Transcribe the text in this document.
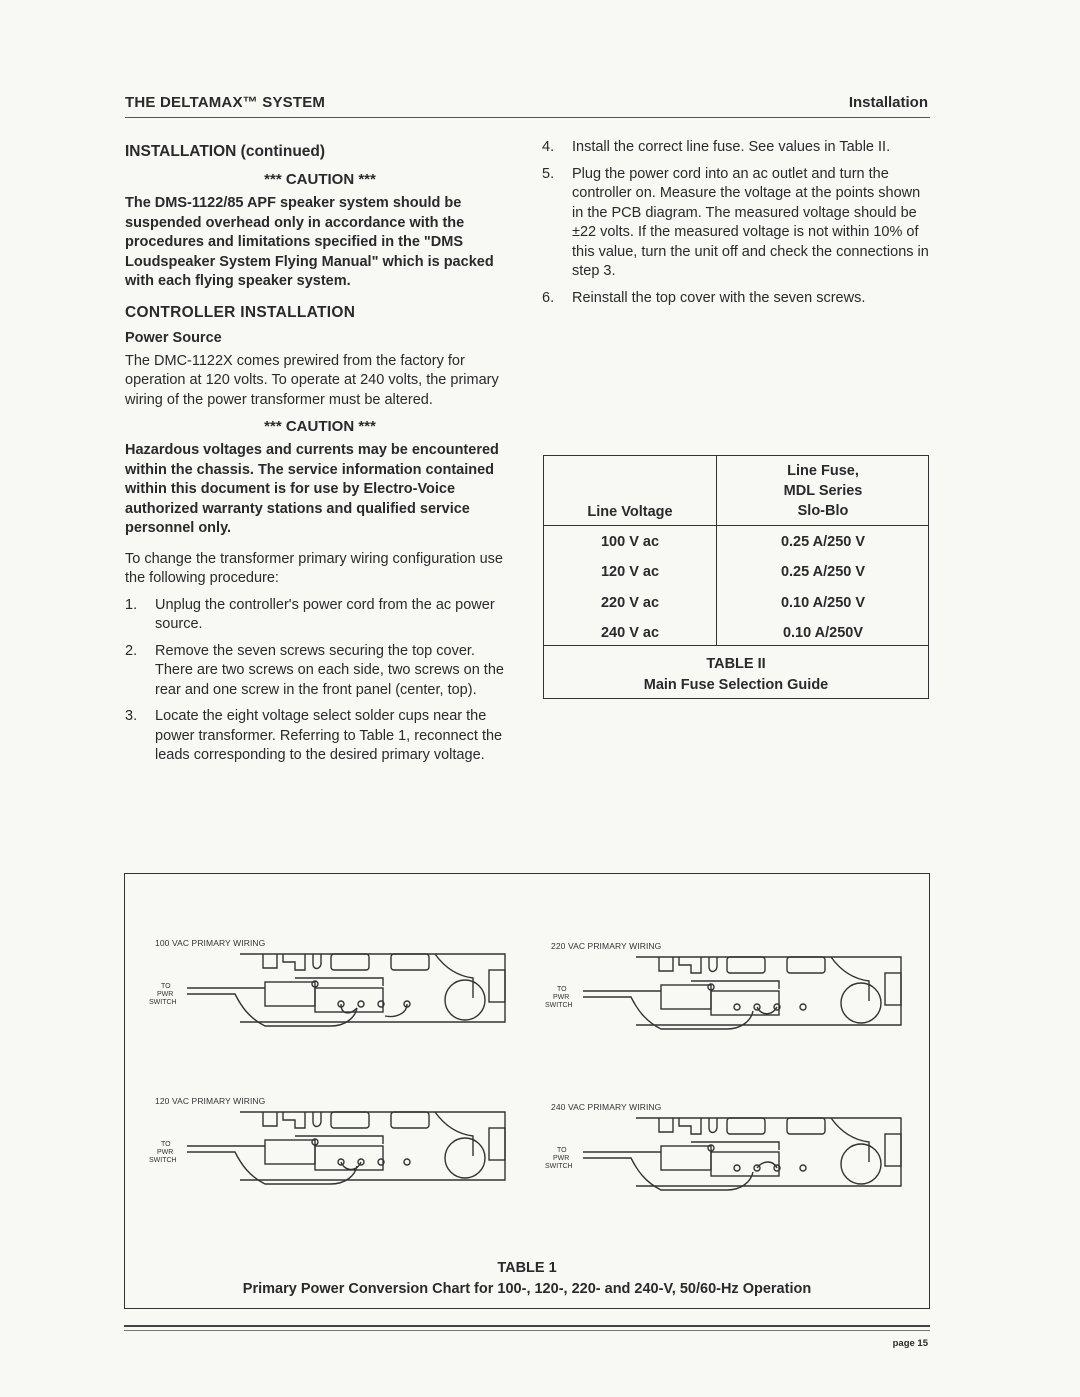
THE DELTAMAX™ SYSTEM	Installation
INSTALLATION (continued)
*** CAUTION ***

The DMS-1122/85 APF speaker system should be suspended overhead only in accordance with the procedures and limitations specified in the "DMS Loudspeaker System Flying Manual" which is packed with each flying speaker system.

CONTROLLER INSTALLATION
Power Source

The DMC-1122X comes prewired from the factory for operation at 120 volts. To operate at 240 volts, the primary wiring of the power transformer must be altered.

*** CAUTION ***

Hazardous voltages and currents may be encountered within the chassis. The service information contained within this document is for use by Electro-Voice authorized warranty stations and qualified service personnel only.

To change the transformer primary wiring configuration use the following procedure:

1.	Unplug the controller's power cord from the ac power source.
2.	Remove the seven screws securing the top cover. There are two screws on each side, two screws on the rear and one screw in the front panel (center, top).
3.	Locate the eight voltage select solder cups near the power transformer. Referring to Table 1, reconnect the leads corresponding to the desired primary voltage.
4.	Install the correct line fuse. See values in Table II.
5.	Plug the power cord into an ac outlet and turn the controller on. Measure the voltage at the points shown in the PCB diagram. The measured voltage should be ±22 volts. If the measured voltage is not within 10% of this value, turn the unit off and check the connections in step 3.
6.	Reinstall the top cover with the seven screws.
Line Voltage
Line Fuse,
MDL Series
Slo-Blo
100 V ac	0.25 A/250 V
120 V ac	0.25 A/250 V
220 V ac	0.10 A/250 V
240 V ac	0.10 A/250V
TABLE II
Main Fuse Selection Guide
100 VAC PRIMARY WIRING
TO
PWR
SWITCH
220 VAC PRIMARY WIRING
TO
PWR
SWITCH
120 VAC PRIMARY WIRING
TO
PWR
SWITCH
240 VAC PRIMARY WIRING
TO
PWR
SWITCH
TABLE 1
Primary Power Conversion Chart for 100-, 120-, 220- and 240-V, 50/60-Hz Operation
page 15
